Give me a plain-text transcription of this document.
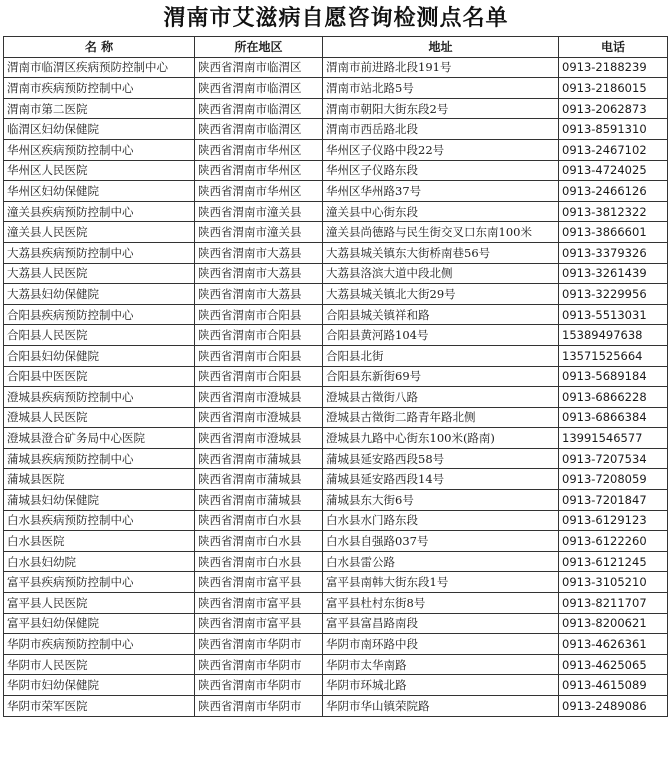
渭南市艾滋病自愿咨询检测点名单
名 称	所在地区	地址	电话
渭南市临渭区疾病预防控制中心	陕西省渭南市临渭区	渭南市前进路北段191号	0913-2188239
渭南市疾病预防控制中心	陕西省渭南市临渭区	渭南市站北路5号	0913-2186015
渭南市第二医院	陕西省渭南市临渭区	渭南市朝阳大街东段2号	0913-2062873
临渭区妇幼保健院	陕西省渭南市临渭区	渭南市西岳路北段	0913-8591310
华州区疾病预防控制中心	陕西省渭南市华州区	华州区子仪路中段22号	0913-2467102
华州区人民医院	陕西省渭南市华州区	华州区子仪路东段	0913-4724025
华州区妇幼保健院	陕西省渭南市华州区	华州区华州路37号	0913-2466126
潼关县疾病预防控制中心	陕西省渭南市潼关县	潼关县中心街东段	0913-3812322
潼关县人民医院	陕西省渭南市潼关县	潼关县尚德路与民生街交叉口东南100米	0913-3866601
大荔县疾病预防控制中心	陕西省渭南市大荔县	大荔县城关镇东大街桥南巷56号	0913-3379326
大荔县人民医院	陕西省渭南市大荔县	大荔县洛滨大道中段北侧	0913-3261439
大荔县妇幼保健院	陕西省渭南市大荔县	大荔县城关镇北大街29号	0913-3229956
合阳县疾病预防控制中心	陕西省渭南市合阳县	合阳县城关镇祥和路	0913-5513031
合阳县人民医院	陕西省渭南市合阳县	合阳县黄河路104号	15389497638
合阳县妇幼保健院	陕西省渭南市合阳县	合阳县北街	13571525664
合阳县中医医院	陕西省渭南市合阳县	合阳县东新街69号	0913-5689184
澄城县疾病预防控制中心	陕西省渭南市澄城县	澄城县古徵街八路	0913-6866228
澄城县人民医院	陕西省渭南市澄城县	澄城县古徵街二路青年路北侧	0913-6866384
澄城县澄合矿务局中心医院	陕西省渭南市澄城县	澄城县九路中心街东100米(路南)	13991546577
蒲城县疾病预防控制中心	陕西省渭南市蒲城县	蒲城县延安路西段58号	0913-7207534
蒲城县医院	陕西省渭南市蒲城县	蒲城县延安路西段14号	0913-7208059
蒲城县妇幼保健院	陕西省渭南市蒲城县	蒲城县东大街6号	0913-7201847
白水县疾病预防控制中心	陕西省渭南市白水县	白水县水门路东段	0913-6129123
白水县医院	陕西省渭南市白水县	白水县自强路037号	0913-6122260
白水县妇幼院	陕西省渭南市白水县	白水县雷公路	0913-6121245
富平县疾病预防控制中心	陕西省渭南市富平县	富平县南韩大街东段1号	0913-3105210
富平县人民医院	陕西省渭南市富平县	富平县杜村东街8号	0913-8211707
富平县妇幼保健院	陕西省渭南市富平县	富平县富昌路南段	0913-8200621
华阴市疾病预防控制中心	陕西省渭南市华阴市	华阴市南环路中段	0913-4626361
华阴市人民医院	陕西省渭南市华阴市	华阴市太华南路	0913-4625065
华阴市妇幼保健院	陕西省渭南市华阴市	华阴市环城北路	0913-4615089
华阴市荣军医院	陕西省渭南市华阴市	华阴市华山镇荣院路	0913-2489086
